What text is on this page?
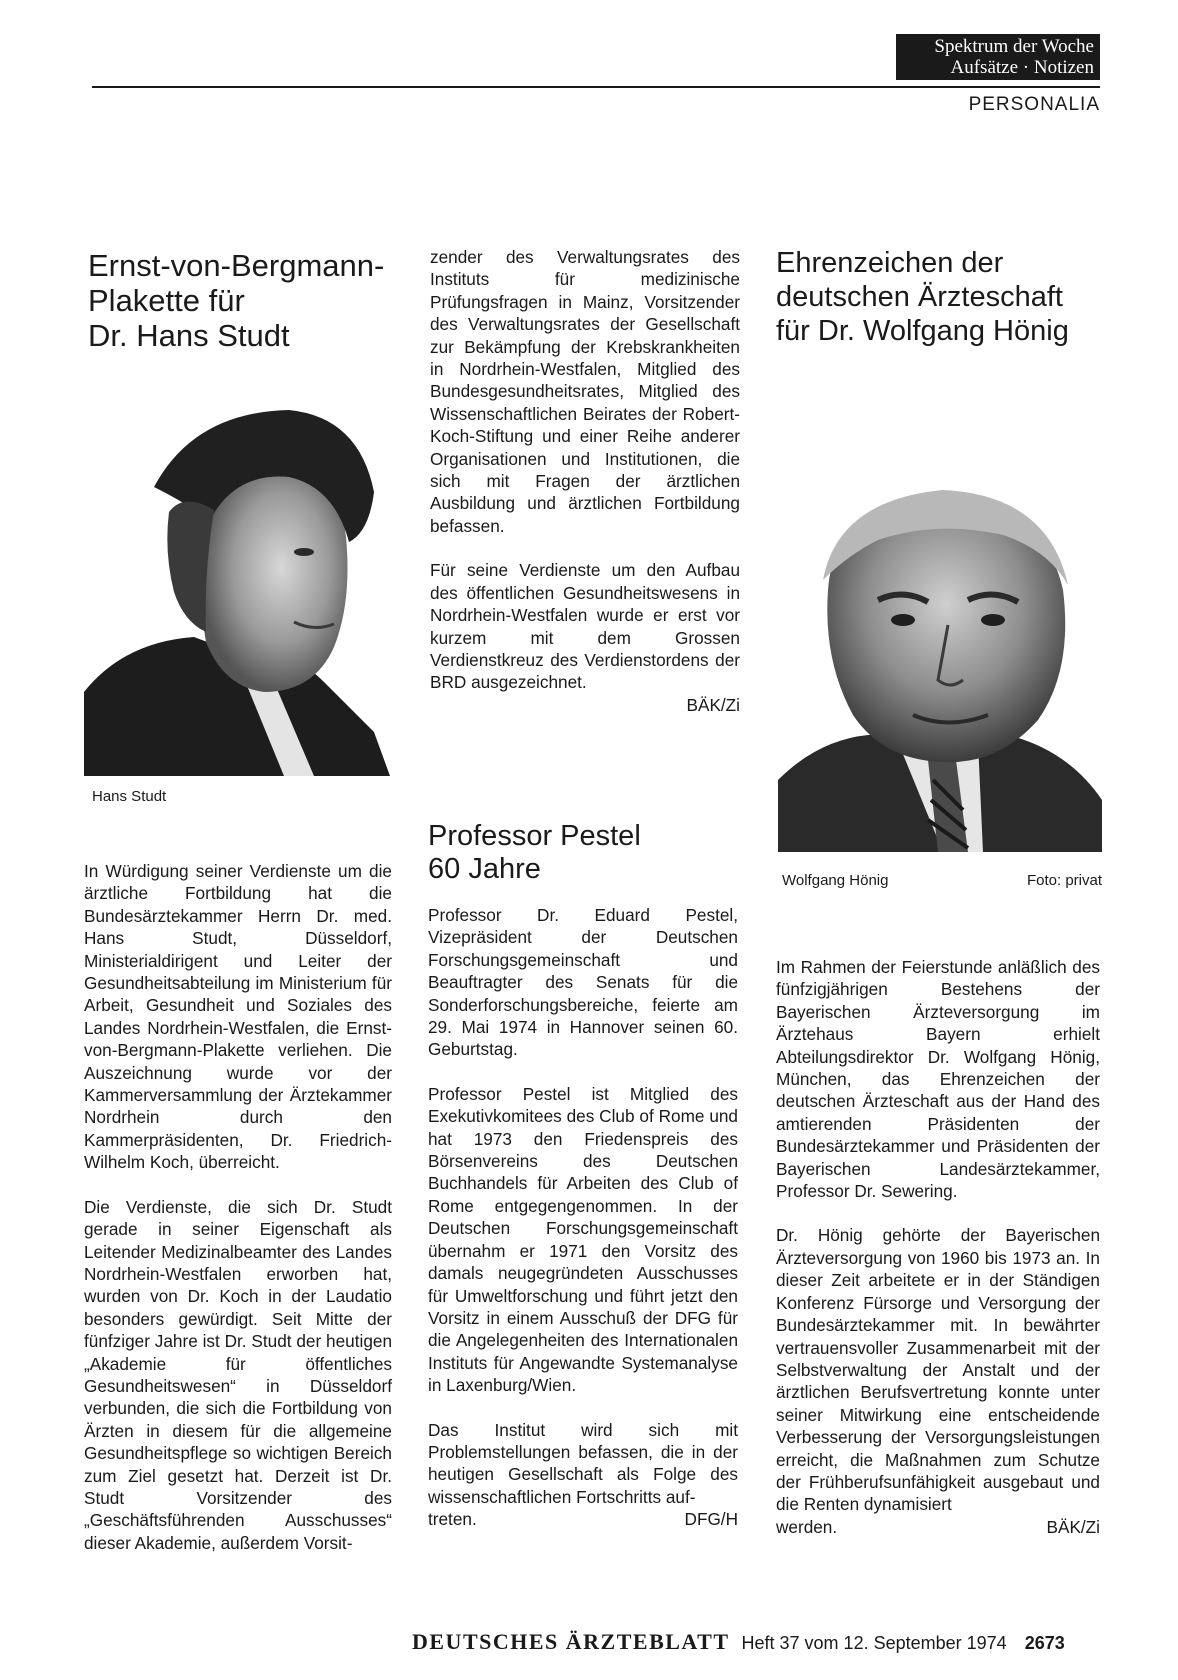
Spektrum der Woche
Aufsätze · Notizen
PERSONALIA
Ernst-von-Bergmann-
Plakette für
Dr. Hans Studt
Hans Studt

In Würdigung seiner Verdienste um die ärztliche Fortbildung hat die Bundesärztekammer Herrn Dr. med. Hans Studt, Düsseldorf, Ministerialdirigent und Leiter der Gesundheitsabteilung im Ministerium für Arbeit, Gesundheit und Soziales des Landes Nordrhein-Westfalen, die Ernst-von-Bergmann-Plakette verliehen. Die Auszeichnung wurde vor der Kammerversammlung der Ärztekammer Nordrhein durch den Kammerpräsidenten, Dr. Friedrich-Wilhelm Koch, überreicht.

Die Verdienste, die sich Dr. Studt gerade in seiner Eigenschaft als Leitender Medizinalbeamter des Landes Nordrhein-Westfalen erworben hat, wurden von Dr. Koch in der Laudatio besonders gewürdigt. Seit Mitte der fünfziger Jahre ist Dr. Studt der heutigen „Akademie für öffentliches Gesundheitswesen“ in Düsseldorf verbunden, die sich die Fortbildung von Ärzten in diesem für die allgemeine Gesundheitspflege so wichtigen Bereich zum Ziel gesetzt hat. Derzeit ist Dr. Studt Vorsitzender des „Geschäftsführenden Ausschusses“ dieser Akademie, außerdem Vorsit-

zender des Verwaltungsrates des Instituts für medizinische Prüfungsfragen in Mainz, Vorsitzender des Verwaltungsrates der Gesellschaft zur Bekämpfung der Krebskrankheiten in Nordrhein-Westfalen, Mitglied des Bundesgesundheitsrates, Mitglied des Wissenschaftlichen Beirates der Robert-Koch-Stiftung und einer Reihe anderer Organisationen und Institutionen, die sich mit Fragen der ärztlichen Ausbildung und ärztlichen Fortbildung befassen.

Für seine Verdienste um den Aufbau des öffentlichen Gesundheitswesens in Nordrhein-Westfalen wurde er erst vor kurzem mit dem Grossen Verdienstkreuz des Verdienstordens der BRD ausgezeichnet.

BÄK/Zi
Professor Pestel
60 Jahre

Professor Dr. Eduard Pestel, Vizepräsident der Deutschen Forschungsgemeinschaft und Beauftragter des Senats für die Sonderforschungsbereiche, feierte am 29. Mai 1974 in Hannover seinen 60. Geburtstag.

Professor Pestel ist Mitglied des Exekutivkomitees des Club of Rome und hat 1973 den Friedenspreis des Börsenvereins des Deutschen Buchhandels für Arbeiten des Club of Rome entgegengenommen. In der Deutschen Forschungsgemeinschaft übernahm er 1971 den Vorsitz des damals neugegründeten Ausschusses für Umweltforschung und führt jetzt den Vorsitz in einem Ausschuß der DFG für die Angelegenheiten des Internationalen Instituts für Angewandte Systemanalyse in Laxenburg/Wien.

Das Institut wird sich mit Problemstellungen befassen, die in der heutigen Gesellschaft als Folge des wissenschaftlichen Fortschritts auf-

treten.	DFG/H
Ehrenzeichen der
deutschen Ärzteschaft
für Dr. Wolfgang Hönig
Wolfgang Hönig	Foto: privat

Im Rahmen der Feierstunde anläßlich des fünfzigjährigen Bestehens der Bayerischen Ärzteversorgung im Ärztehaus Bayern erhielt Abteilungsdirektor Dr. Wolfgang Hönig, München, das Ehrenzeichen der deutschen Ärzteschaft aus der Hand des amtierenden Präsidenten der Bundesärztekammer und Präsidenten der Bayerischen Landesärztekammer, Professor Dr. Sewering.

Dr. Hönig gehörte der Bayerischen Ärzteversorgung von 1960 bis 1973 an. In dieser Zeit arbeitete er in der Ständigen Konferenz Fürsorge und Versorgung der Bundesärztekammer mit. In bewährter vertrauensvoller Zusammenarbeit mit der Selbstverwaltung der Anstalt und der ärztlichen Berufsvertretung konnte unter seiner Mitwirkung eine entscheidende Verbesserung der Versorgungsleistungen erreicht, die Maßnahmen zum Schutze der Frühberufsunfähigkeit ausgebaut und die Renten dynamisiert

werden.	BÄK/Zi
DEUTSCHES ÄRZTEBLATT Heft 37 vom 12. September 1974 2673
